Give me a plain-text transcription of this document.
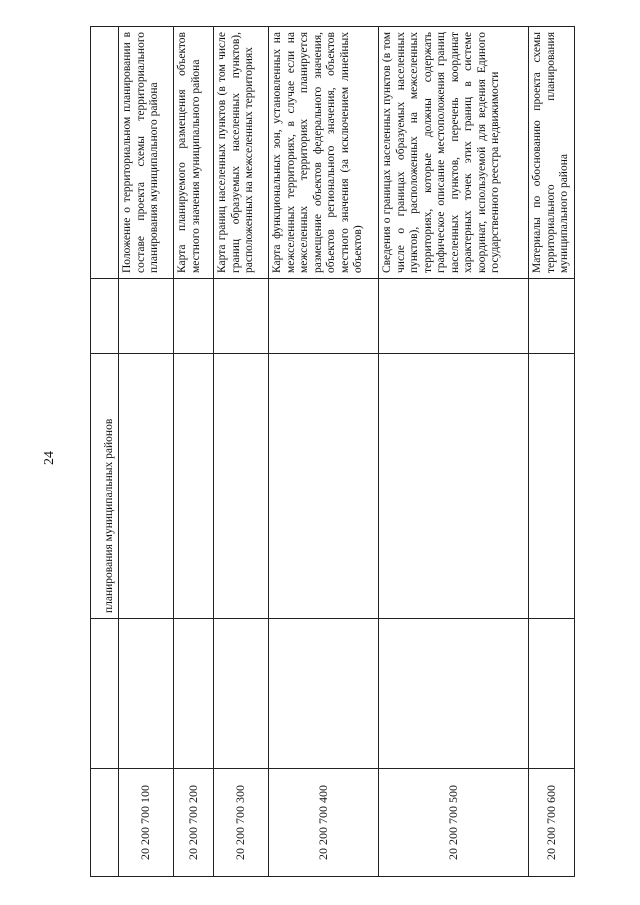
24
			планирования муниципальных районов		
20 200 700 100				Положение о территориальном планировании в составе проекта схемы территориального планирования муниципального района
20 200 700 200				Карта планируемого размещения объектов местного значения муниципального района
20 200 700 300				Карта границ населенных пунктов (в том числе границ образуемых населенных пунктов), расположенных на межселенных территориях
20 200 700 400				Карта функциональных зон, установленных на межселенных территориях, в случае если на межселенных территориях планируется размещение объектов федерального значения, объектов регионального значения, объектов местного значения (за исключением линейных объектов)
20 200 700 500				Сведения о границах населенных пунктов (в том числе о границах образуемых населенных пунктов), расположенных на межселенных территориях, которые должны содержать графическое описание местоположения границ населенных пунктов, перечень координат характерных точек этих границ в системе координат, используемой для ведения Единого государственного реестра недвижимости
20 200 700 600				Материалы по обоснованию проекта схемы территориального планирования муниципального района
